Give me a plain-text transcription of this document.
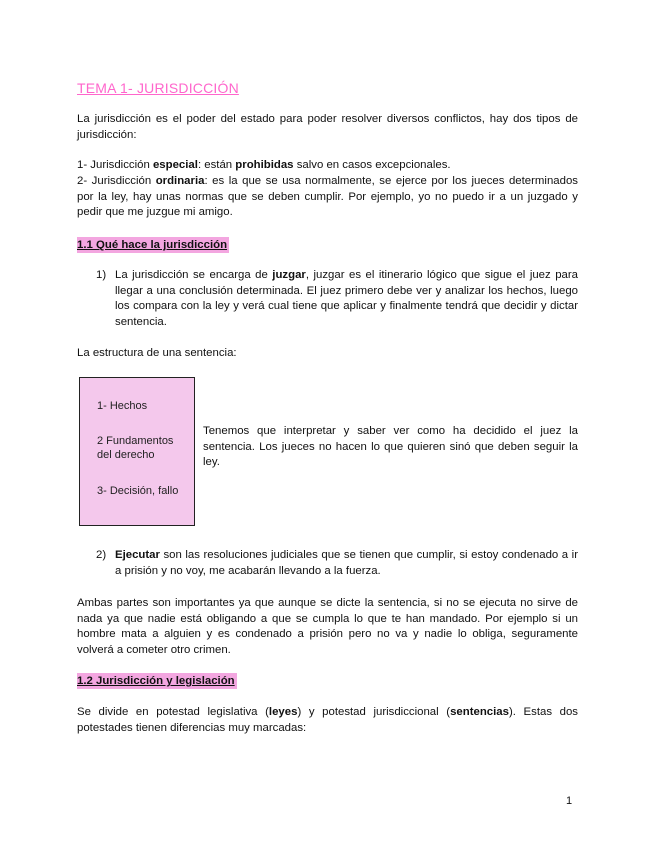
TEMA 1- JURISDICCIÓN
La jurisdicción es el poder del estado para poder resolver diversos conflictos, hay dos tipos de jurisdicción:
1- Jurisdicción especial: están prohibidas salvo en casos excepcionales.
2- Jurisdicción ordinaria: es la que se usa normalmente, se ejerce por los jueces determinados por la ley, hay unas normas que se deben cumplir. Por ejemplo, yo no puedo ir a un juzgado y pedir que me juzgue mi amigo.
1.1 Qué hace la jurisdicción
1) La jurisdicción se encarga de juzgar, juzgar es el itinerario lógico que sigue el juez para llegar a una conclusión determinada. El juez primero debe ver y analizar los hechos, luego los compara con la ley y verá cual tiene que aplicar y finalmente tendrá que decidir y dictar sentencia.
La estructura de una sentencia:
1- Hechos
2 Fundamentos
del derecho
3- Decisión, fallo
Tenemos que interpretar y saber ver como ha decidido el juez la sentencia. Los jueces no hacen lo que quieren sinó que deben seguir la ley.
2) Ejecutar son las resoluciones judiciales que se tienen que cumplir, si estoy condenado a ir a prisión y no voy, me acabarán llevando a la fuerza.
Ambas partes son importantes ya que aunque se dicte la sentencia, si no se ejecuta no sirve de nada ya que nadie está obligando a que se cumpla lo que te han mandado. Por ejemplo si un hombre mata a alguien y es condenado a prisión pero no va y nadie lo obliga, seguramente volverá a cometer otro crimen.
1.2 Jurisdicción y legislación
Se divide en potestad legislativa (leyes) y potestad jurisdiccional (sentencias). Estas dos potestades tienen diferencias muy marcadas:
1
